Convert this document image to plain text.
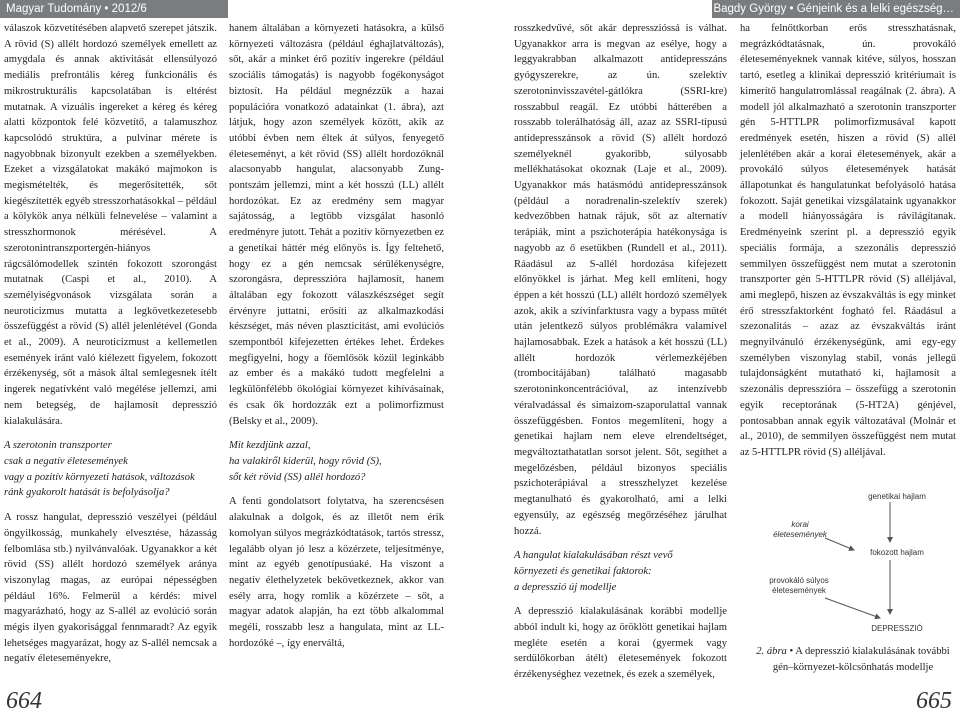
Magyar Tudomány • 2012/6	Bagdy György • Génjeink és a lelki egészség…

válaszok közvetítésében alapvető szerepet játszik. A rövid (S) allélt hordozó személyek emellett az amygdala és annak aktivitását ellensúlyozó mediális prefrontális kéreg funkcionális és mikrostrukturális kapcsolatában is eltérést mutatnak. A vizuális ingereket a kéreg és kéreg alatti központok felé közvetítő, a talamuszhoz kapcsolódó struktúra, a pulvinar mérete is nagyobbnak bizonyult ezekben a személyekben. Ezeket a vizsgálatokat makákó majmokon is megismételték, és megerősítették, sőt kiegészítették egyéb stresszorhatásokkal – például a kölykök anya nélküli felnevelése – valamint a stresszhormonok mérésével. A szerotonintranszportergén-hiányos rágcsálómodellek szintén fokozott szorongást mutatnak (Caspi et al., 2010). A személyiségvonások vizsgálata során a neuroticizmus mutatta a legkövetkezetesebb összefüggést a rövid (S) allél jelenlétével (Gonda et al., 2009). A neuroticizmust a kellemetlen események iránt való kiélezett figyelem, fokozott érzékenység, sőt a mások által semlegesnek ítélt ingerek negatívként való megélése jellemzi, ami nem betegség, de hajlamosít depresszió kialakulására.

A szerotonin transzporter
csak a negatív életesemények
vagy a pozitív környezeti hatások, változások
ránk gyakorolt hatását is befolyásolja?

A rossz hangulat, depresszió veszélyei (például öngyilkosság, munkahely elvesztése, házasság felbomlása stb.) nyilvánvalóak. Ugyanakkor a két rövid (SS) allélt hordozó személyek aránya viszonylag magas, az európai népességben például 16%. Felmerül a kérdés: mivel magyarázható, hogy az S-allél az evolúció során mégis ilyen gyakorisággal fennmaradt? Az egyik lehetséges magyarázat, hogy az S-allél nemcsak a negatív életeseményekre,

hanem általában a környezeti hatásokra, a külső környezeti változásra (például éghajlatváltozás), sőt, akár a minket érő pozitív ingerekre (például szociális támogatás) is nagyobb fogékonyságot biztosít. Ha például megnézzük a hazai populációra vonatkozó adatainkat (1. ábra), azt látjuk, hogy azon személyek között, akik az utóbbi évben nem éltek át súlyos, fenyegető életeseményt, a két rövid (SS) allélt hordozóknál alacsonyabb hangulat, alacsonyabb Zung-pontszám jellemzi, mint a két hosszú (LL) allélt hordozókat. Ez az eredmény sem magyar sajátosság, a legtöbb vizsgálat hasonló eredményre jutott. Tehát a pozitív környezetben ez a genetikai háttér még előnyös is. Így feltehető, hogy ez a gén nemcsak sérülékenységre, szorongásra, depresszióra hajlamosít, hanem általában egy fokozott válaszkészséget segít érvényre juttatni, erősíti az alkalmazkodási készséget, más néven plaszticitást, ami evolúciós szempontból kifejezetten értékes lehet. Érdekes megfigyelni, hogy a főemlősök közül leginkább az ember és a makákó tudott megfelelni a legkülönfélébb ökológiai környezet kihívásainak, és csak ők hordozzák ezt a polimorfizmust (Belsky et al., 2009).

Mit kezdjünk azzal,
ha valakiről kiderül, hogy rövid (S),
sőt két rövid (SS) allél hordozó?

A fenti gondolatsort folytatva, ha szerencsésen alakulnak a dolgok, és az illetőt nem érik komolyan súlyos megrázkódtatások, tartós stressz, legalább olyan jó lesz a közérzete, teljesítménye, mint az egyéb genotípusúaké. Ha viszont a negatív élethelyzetek bekövetkeznek, akkor van esély arra, hogy romlik a közérzete – sőt, a magyar adatok alapján, ha ezt több alkalommal megéli, rosszabb lesz a hangulata, mint az LL-hordozóké –, így enerváltá,

rosszkedvűvé, sőt akár depresszióssá is válhat. Ugyanakkor arra is megvan az esélye, hogy a leggyakrabban alkalmazott antidepresszáns gyógyszerekre, az ún. szelektív szerotoninvisszavétel-gátlókra (SSRI-kre) rosszabbul reagál. Ez utóbbi hátterében a rosszabb tolerálhatóság áll, azaz az SSRI-típusú antidepresszánsok a rövid (S) allélt hordozó személyeknél gyakoribb, súlyosabb mellékhatásokat okoznak (Laje et al., 2009). Ugyanakkor más hatásmódú antidepresszánsok (például a noradrenalin-szelektív szerek) kedvezőbben hatnak rájuk, sőt az alternatív terápiák, mint a pszichoterápia hatékonysága is nagyobb az ő esetükben (Rundell et al., 2011). Ráadásul az S-allél hordozása kifejezett előnyökkel is járhat. Meg kell említeni, hogy éppen a két hosszú (LL) allélt hordozó személyek azok, akik a szívinfarktusra vagy a bypass műtét után jelentkező súlyos problémákra valamivel hajlamosabbak. Ezek a hatások a két hosszú (LL) allélt hordozók vérlemezkéjében (trombocitájában) található magasabb szerotoninkoncentrációval, az intenzívebb véralvadással és simaizom-szaporulattal vannak összefüggésben. Fontos megemlíteni, hogy a genetikai hajlam nem eleve elrendeltséget, megváltoztathatatlan sorsot jelent. Sőt, segíthet a megelőzésben, például bizonyos speciális pszichoterápiával a stresszhelyzet kezelése megtanulható és gyakorolható, ami a lelki egyensúly, az egészség megőrzéséhez járulhat hozzá.

A hangulat kialakulásában részt vevő
környezeti és genetikai faktorok:
a depresszió új modellje

A depresszió kialakulásának korábbi modellje abból indult ki, hogy az öröklött genetikai hajlam megléte esetén a korai (gyermek vagy serdülőkorban átélt) életesemények fokozott érzékenységhez vezetnek, és ezek a személyek,

ha felnőttkorban erős stresszhatásnak, megrázkódtatásnak, ún. provokáló életeseményeknek vannak kitéve, súlyos, hosszan tartó, esetleg a klinikai depresszió kritériumait is kimerítő hangulatromlással reagálnak (2. ábra). A modell jól alkalmazható a szerotonin transzporter gén 5-HTTLPR polimorfizmusával kapott eredmények esetén, hiszen a rövid (S) allél jelenlétében akár a korai életesemények, akár a provokáló súlyos életesemények hatását állapotunkat és hangulatunkat befolyásoló hatása fokozott. Saját genetikai vizsgálataink ugyanakkor a modell hiányosságára is rávilágítanak. Eredményeink szerint pl. a depresszió egyik speciális formája, a szezonális depresszió semmilyen összefüggést nem mutat a szerotonin transzporter gén 5-HTTLPR rövid (S) alléljával, ami meglepő, hiszen az évszakváltás is egy minket érő stresszfaktorként fogható fel. Ráadásul a szezonalitás – azaz az évszakváltás iránt megnyilvánuló érzékenységünk, ami egy-egy személyben viszonylag stabil, vonás jellegű tulajdonságként mutatható ki, hajlamosít a szezonális depresszióra – összefügg a szerotonin egyik receptorának (5-HT2A) génjével, pontosabban annak egyik változatával (Molnár et al., 2010), de semmilyen összefüggést nem mutat az 5-HTTLPR rövid (S) alléljával.

genetikai hajlam
korai életesemények
fokozott hajlam
provokáló súlyos életesemények
DEPRESSZIÓ
2. ábra • A depresszió kialakulásának további gén–környezet-kölcsönhatás modellje
664	665
